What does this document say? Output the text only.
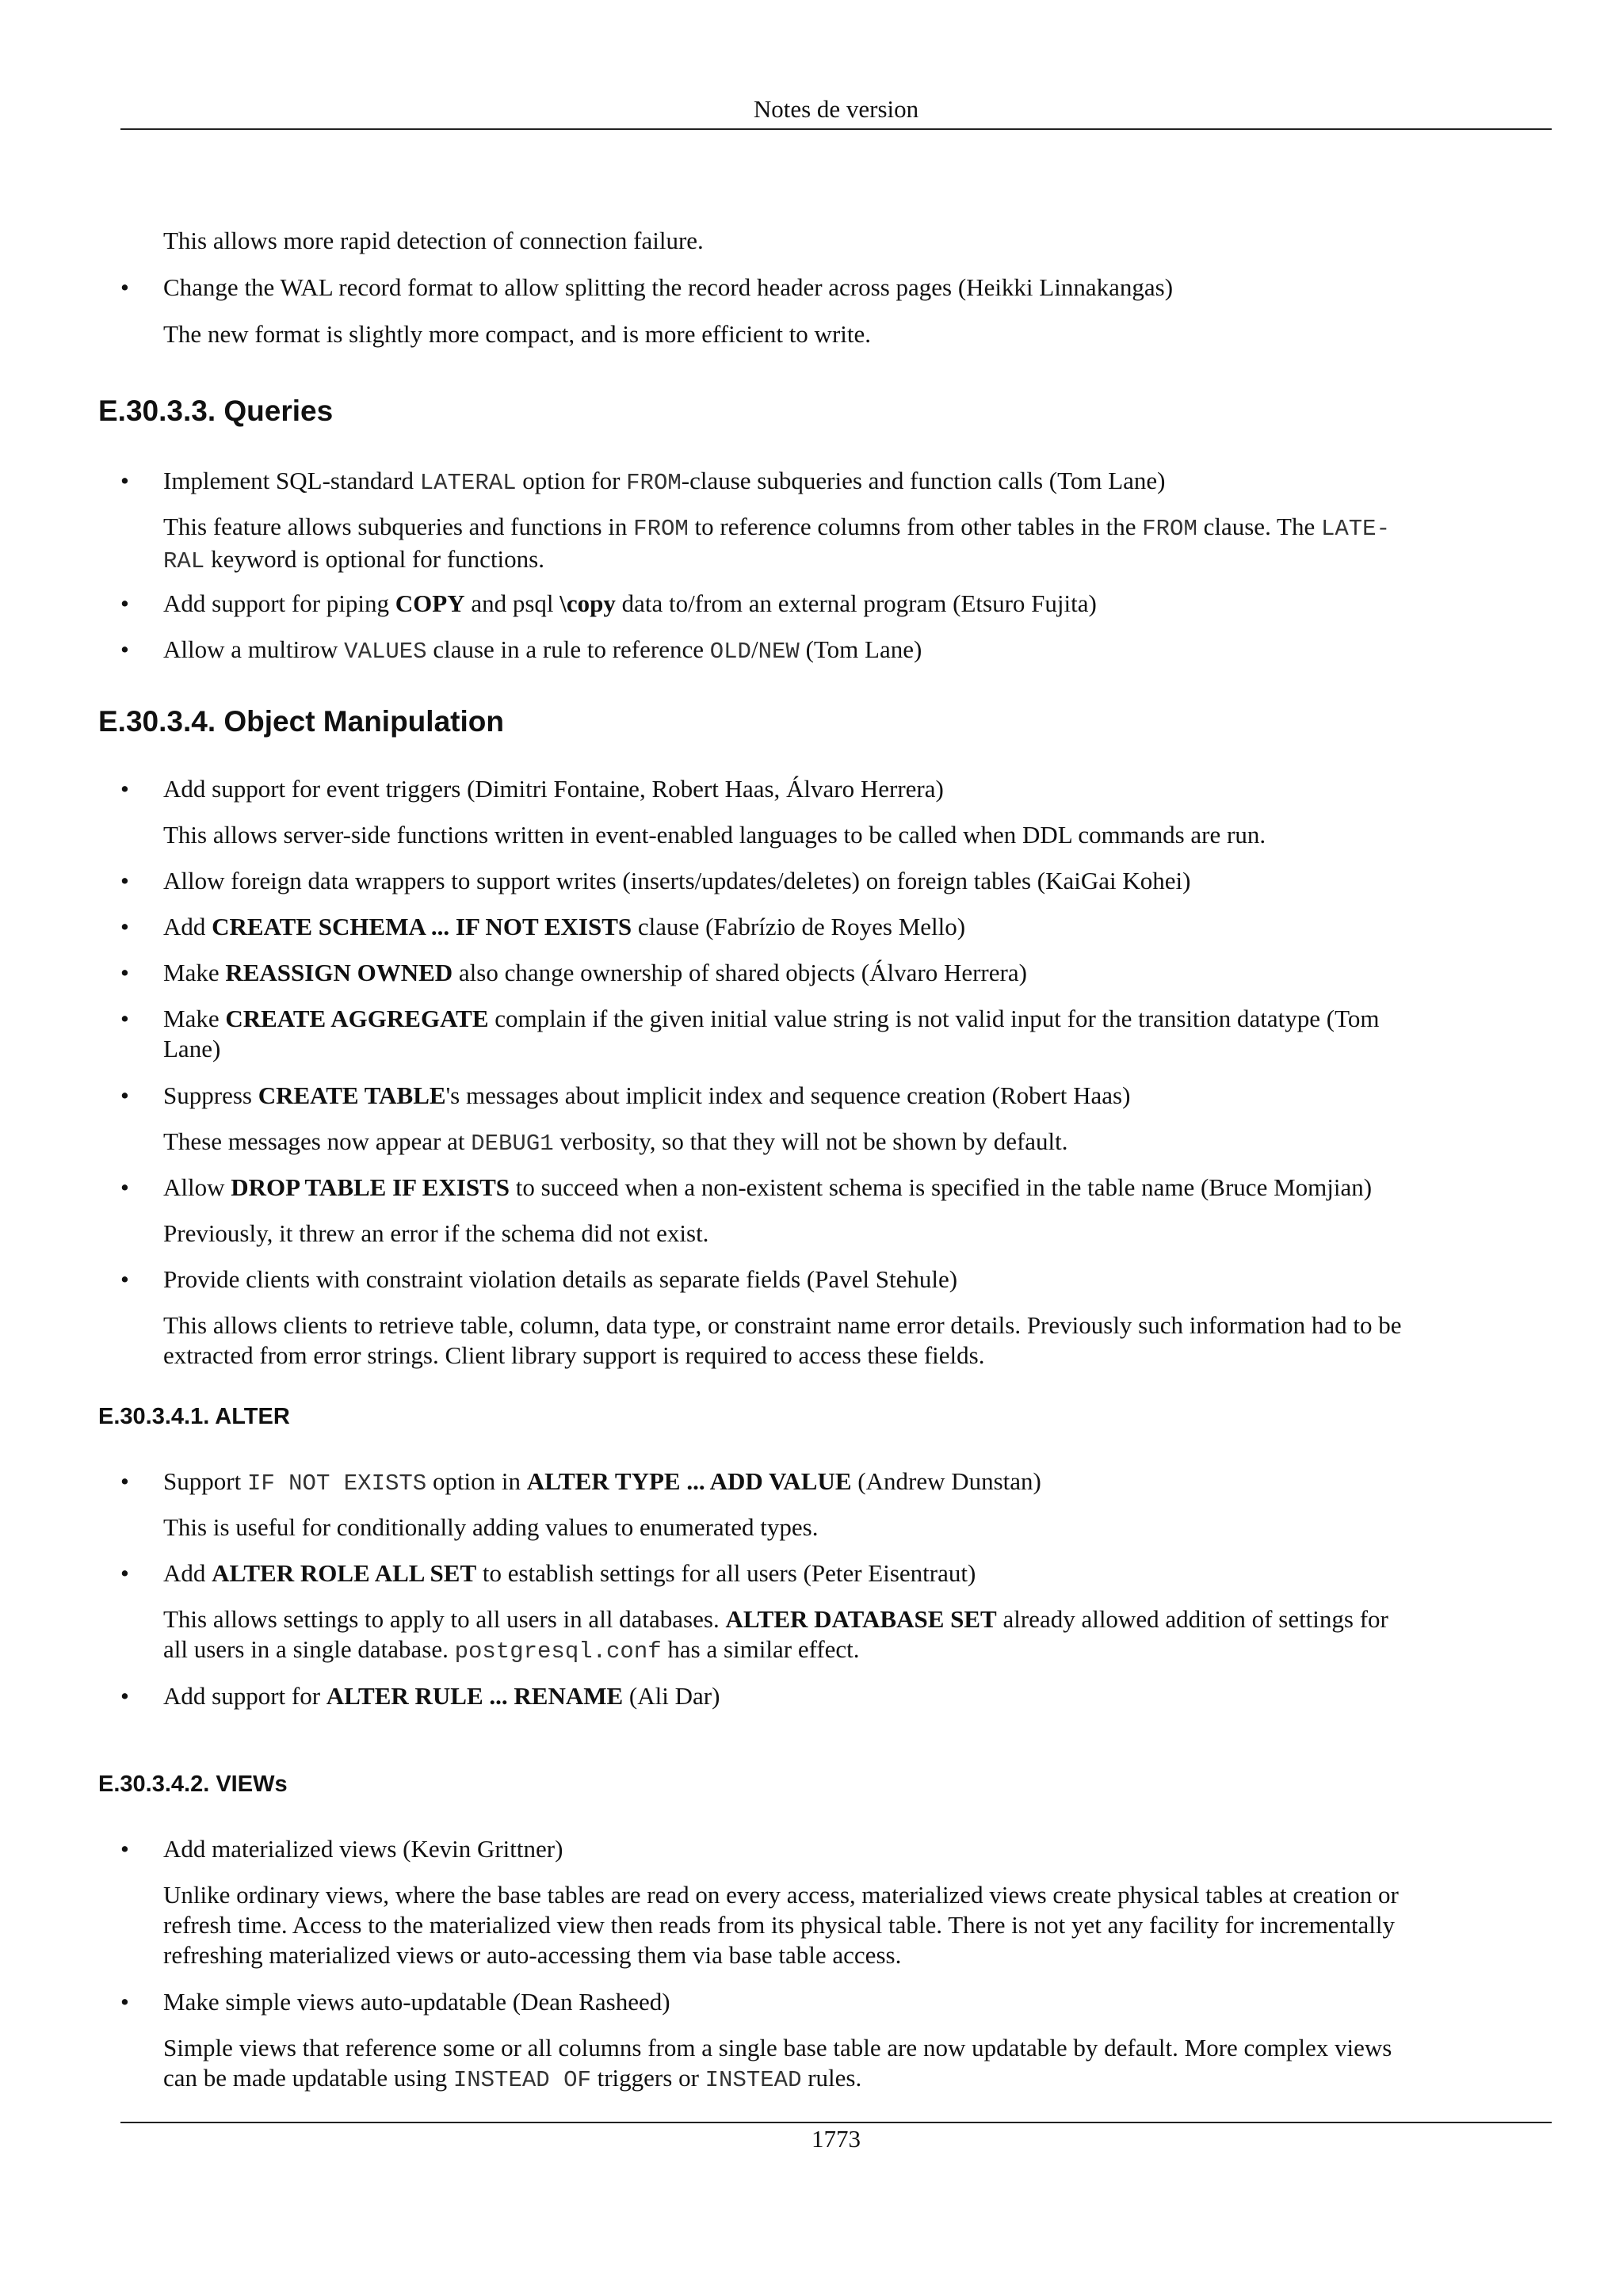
Notes de version

This allows more rapid detection of connection failure.

• Change the WAL record format to allow splitting the record header across pages (Heikki Linnakangas)

The new format is slightly more compact, and is more efficient to write.

E.30.3.3. Queries
• Implement SQL-standard LATERAL option for FROM-clause subqueries and function calls (Tom Lane)

This feature allows subqueries and functions in FROM to reference columns from other tables in the FROM clause. The LATE-
RAL keyword is optional for functions.

• Add support for piping COPY and psql \copy data to/from an external program (Etsuro Fujita)

• Allow a multirow VALUES clause in a rule to reference OLD/NEW (Tom Lane)

E.30.3.4. Object Manipulation
• Add support for event triggers (Dimitri Fontaine, Robert Haas, Álvaro Herrera)

This allows server-side functions written in event-enabled languages to be called when DDL commands are run.

• Allow foreign data wrappers to support writes (inserts/updates/deletes) on foreign tables (KaiGai Kohei)

• Add CREATE SCHEMA ... IF NOT EXISTS clause (Fabrízio de Royes Mello)

• Make REASSIGN OWNED also change ownership of shared objects (Álvaro Herrera)

• Make CREATE AGGREGATE complain if the given initial value string is not valid input for the transition datatype (Tom
Lane)

• Suppress CREATE TABLE's messages about implicit index and sequence creation (Robert Haas)

These messages now appear at DEBUG1 verbosity, so that they will not be shown by default.

• Allow DROP TABLE IF EXISTS to succeed when a non-existent schema is specified in the table name (Bruce Momjian)

Previously, it threw an error if the schema did not exist.

• Provide clients with constraint violation details as separate fields (Pavel Stehule)

This allows clients to retrieve table, column, data type, or constraint name error details. Previously such information had to be
extracted from error strings. Client library support is required to access these fields.

E.30.3.4.1. ALTER
• Support IF NOT EXISTS option in ALTER TYPE ... ADD VALUE (Andrew Dunstan)

This is useful for conditionally adding values to enumerated types.

• Add ALTER ROLE ALL SET to establish settings for all users (Peter Eisentraut)

This allows settings to apply to all users in all databases. ALTER DATABASE SET already allowed addition of settings for
all users in a single database. postgresql.conf has a similar effect.

• Add support for ALTER RULE ... RENAME (Ali Dar)

E.30.3.4.2. VIEWs
• Add materialized views (Kevin Grittner)

Unlike ordinary views, where the base tables are read on every access, materialized views create physical tables at creation or
refresh time. Access to the materialized view then reads from its physical table. There is not yet any facility for incrementally
refreshing materialized views or auto-accessing them via base table access.

• Make simple views auto-updatable (Dean Rasheed)

Simple views that reference some or all columns from a single base table are now updatable by default. More complex views
can be made updatable using INSTEAD OF triggers or INSTEAD rules.

1773
